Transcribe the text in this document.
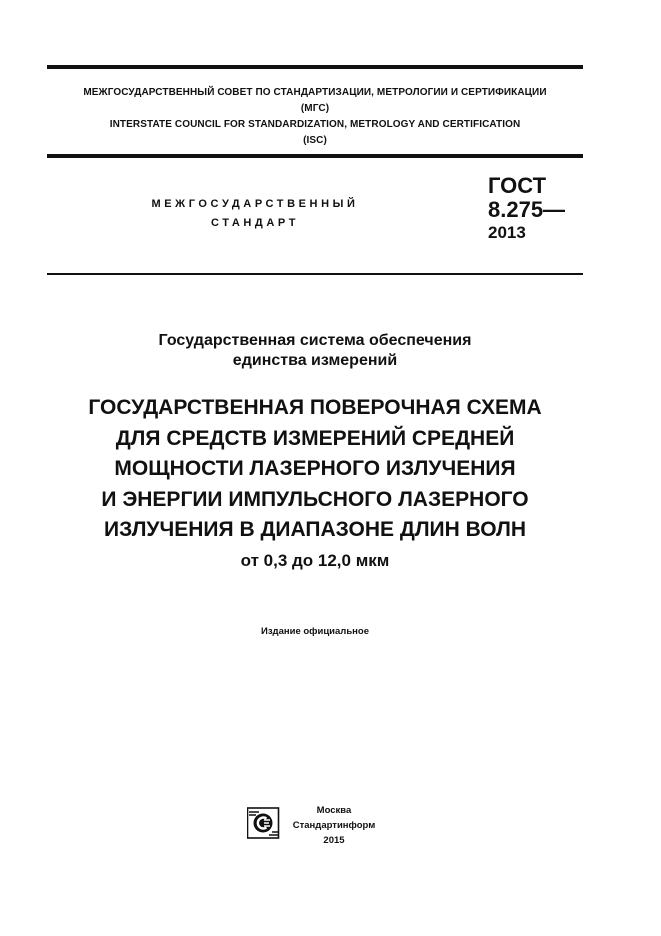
МЕЖГОСУДАРСТВЕННЫЙ СОВЕТ ПО СТАНДАРТИЗАЦИИ, МЕТРОЛОГИИ И СЕРТИФИКАЦИИ
(МГС)
INTERSTATE COUNCIL FOR STANDARDIZATION, METROLOGY AND CERTIFICATION
(ISC)
МЕЖГОСУДАРСТВЕННЫЙ
СТАНДАРТ
ГОСТ
8.275—
2013
Государственная система обеспечения
единства измерений
ГОСУДАРСТВЕННАЯ ПОВЕРОЧНАЯ СХЕМА
ДЛЯ СРЕДСТВ ИЗМЕРЕНИЙ СРЕДНЕЙ
МОЩНОСТИ ЛАЗЕРНОГО ИЗЛУЧЕНИЯ
И ЭНЕРГИИ ИМПУЛЬСНОГО ЛАЗЕРНОГО
ИЗЛУЧЕНИЯ В ДИАПАЗОНЕ ДЛИН ВОЛН
от 0,3 до 12,0 мкм
Издание официальное
Москва
Стандартинформ
2015
